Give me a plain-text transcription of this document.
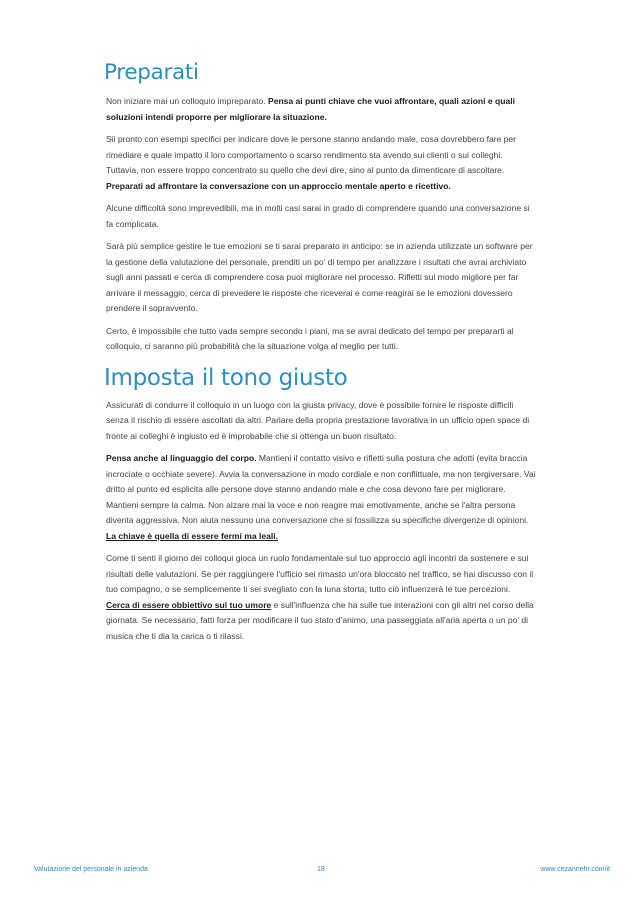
Preparati

Non iniziare mai un colloquio impreparato. Pensa ai punti chiave che vuoi affrontare, quali azioni e quali soluzioni intendi proporre per migliorare la situazione.

Sii pronto con esempi specifici per indicare dove le persone stanno andando male, cosa dovrebbero fare per rimediare e quale impatto il loro comportamento o scarso rendimento sta avendo sui clienti o sui colleghi. Tuttavia, non essere troppo concentrato su quello che devi dire, sino al punto da dimenticare di ascoltare. Preparati ad affrontare la conversazione con un approccio mentale aperto e ricettivo.

Alcune difficoltà sono imprevedibili, ma in molti casi sarai in grado di comprendere quando una conversazione si fa complicata.

Sarà più semplice gestire le tue emozioni se ti sarai preparato in anticipo: se in azienda utilizzate un software per la gestione della valutazione del personale, prenditi un po' di tempo per analizzare i risultati che avrai archiviato sugli anni passati e cerca di comprendere cosa puoi migliorare nel processo. Rifletti sul modo migliore per far arrivare il messaggio, cerca di prevedere le risposte che riceverai e come reagirai se le emozioni dovessero prendere il sopravvento.

Certo, è impossibile che tutto vada sempre secondo i piani, ma se avrai dedicato del tempo per prepararti al colloquio, ci saranno più probabilità che la situazione volga al meglio per tutti.

Imposta il tono giusto

Assicurati di condurre il colloquio in un luogo con la giusta privacy, dove è possibile fornire le risposte difficili senza il rischio di essere ascoltati da altri. Parlare della propria prestazione lavorativa in un ufficio open space di fronte ai colleghi è ingiusto ed è improbabile che si ottenga un buon risultato.

Pensa anche al linguaggio del corpo. Mantieni il contatto visivo e rifletti sulla postura che adotti (evita braccia incrociate o occhiate severe). Avvia la conversazione in modo cordiale e non conflittuale, ma non tergiversare. Vai dritto al punto ed esplicita alle persone dove stanno andando male e che cosa devono fare per migliorare. Mantieni sempre la calma. Non alzare mai la voce e non reagire mai emotivamente, anche se l'altra persona diventa aggressiva. Non aiuta nessuno una conversazione che si fossilizza su specifiche divergenze di opinioni. La chiave è quella di essere fermi ma leali.

Come ti senti il giorno dei colloqui gioca un ruolo fondamentale sul tuo approccio agli incontri da sostenere e sui risultati delle valutazioni. Se per raggiungere l'ufficio sei rimasto un'ora bloccato nel traffico, se hai discusso con il tuo compagno, o se semplicemente ti sei svegliato con la luna storta, tutto ciò influenzerà le tue percezioni. Cerca di essere obbiettivo sul tuo umore e sull'influenza che ha sulle tue interazioni con gli altri nel corso della giornata. Se necessario, fatti forza per modificare il tuo stato d'animo, una passeggiata all'aria aperta o un po' di musica che ti dia la carica o ti rilassi.

Valutazione del personale in azienda	18	www.cezannehr.com/it
